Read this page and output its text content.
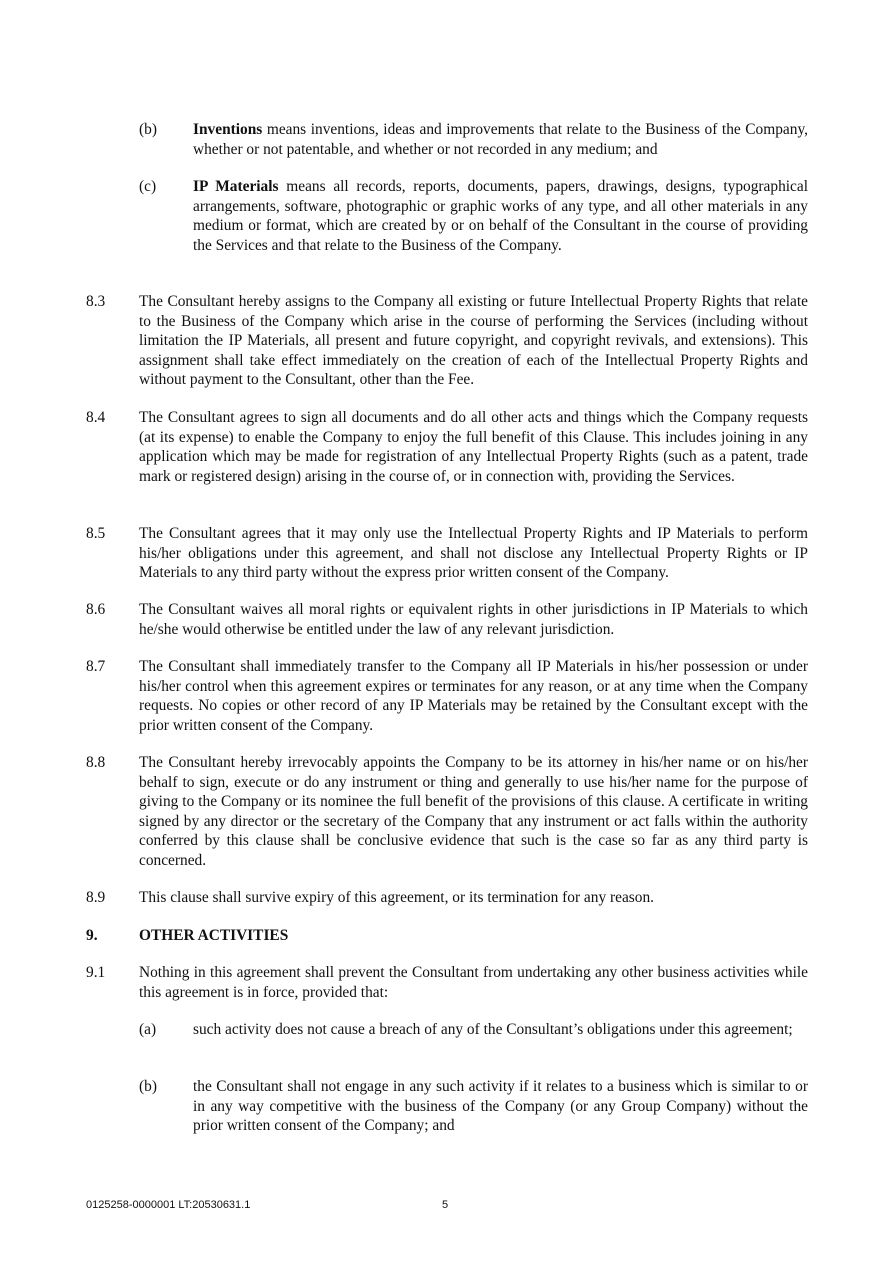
(b) Inventions means inventions, ideas and improvements that relate to the Business of the Company, whether or not patentable, and whether or not recorded in any medium; and
(c) IP Materials means all records, reports, documents, papers, drawings, designs, typographical arrangements, software, photographic or graphic works of any type, and all other materials in any medium or format, which are created by or on behalf of the Consultant in the course of providing the Services and that relate to the Business of the Company.
8.3 The Consultant hereby assigns to the Company all existing or future Intellectual Property Rights that relate to the Business of the Company which arise in the course of performing the Services (including without limitation the IP Materials, all present and future copyright, and copyright revivals, and extensions). This assignment shall take effect immediately on the creation of each of the Intellectual Property Rights and without payment to the Consultant, other than the Fee.
8.4 The Consultant agrees to sign all documents and do all other acts and things which the Company requests (at its expense) to enable the Company to enjoy the full benefit of this Clause. This includes joining in any application which may be made for registration of any Intellectual Property Rights (such as a patent, trade mark or registered design) arising in the course of, or in connection with, providing the Services.
8.5 The Consultant agrees that it may only use the Intellectual Property Rights and IP Materials to perform his/her obligations under this agreement, and shall not disclose any Intellectual Property Rights or IP Materials to any third party without the express prior written consent of the Company.
8.6 The Consultant waives all moral rights or equivalent rights in other jurisdictions in IP Materials to which he/she would otherwise be entitled under the law of any relevant jurisdiction.
8.7 The Consultant shall immediately transfer to the Company all IP Materials in his/her possession or under his/her control when this agreement expires or terminates for any reason, or at any time when the Company requests. No copies or other record of any IP Materials may be retained by the Consultant except with the prior written consent of the Company.
8.8 The Consultant hereby irrevocably appoints the Company to be its attorney in his/her name or on his/her behalf to sign, execute or do any instrument or thing and generally to use his/her name for the purpose of giving to the Company or its nominee the full benefit of the provisions of this clause. A certificate in writing signed by any director or the secretary of the Company that any instrument or act falls within the authority conferred by this clause shall be conclusive evidence that such is the case so far as any third party is concerned.
8.9 This clause shall survive expiry of this agreement, or its termination for any reason.
9.	OTHER ACTIVITIES
9.1 Nothing in this agreement shall prevent the Consultant from undertaking any other business activities while this agreement is in force, provided that:
(a) such activity does not cause a breach of any of the Consultant’s obligations under this agreement;
(b) the Consultant shall not engage in any such activity if it relates to a business which is similar to or in any way competitive with the business of the Company (or any Group Company) without the prior written consent of the Company; and
0125258-0000001 LT:20530631.1	5
